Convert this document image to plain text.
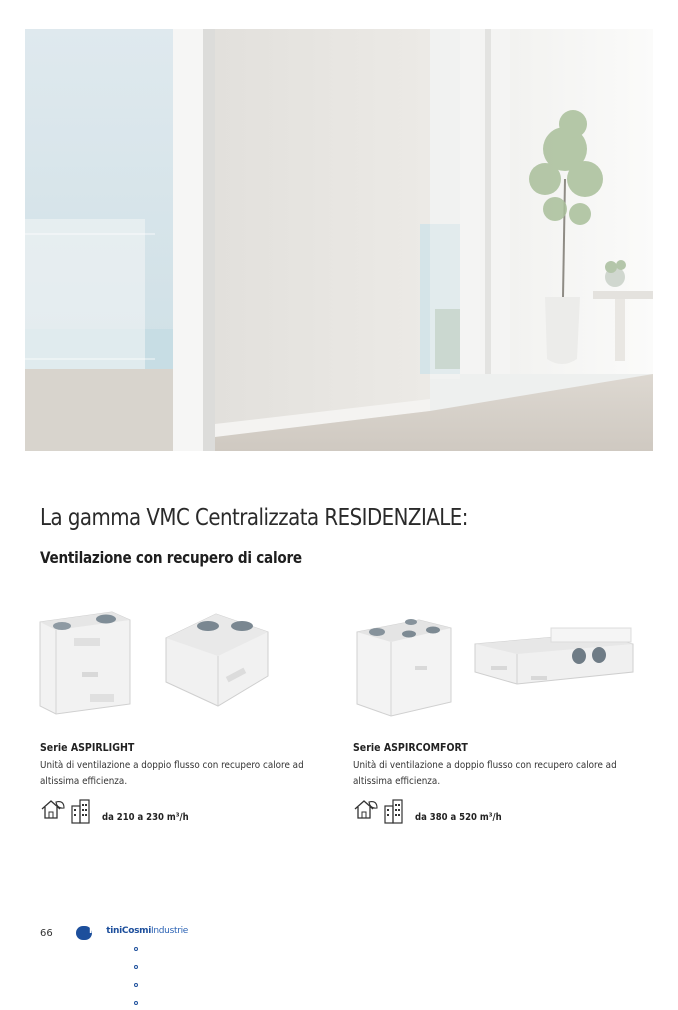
La gamma VMC Centralizzata RESIDENZIALE:
Ventilazione con recupero di calore

Serie ASPIRLIGHT

Unità di ventilazione a doppio flusso con recupero calore ad altissima efficienza.

da 210 a 230 m³/h

Serie ASPIRCOMFORT

Unità di ventilazione a doppio flusso con recupero calore ad altissima efficienza.

da 380 a 520 m³/h

66	FantiniCosmiIndustrie
